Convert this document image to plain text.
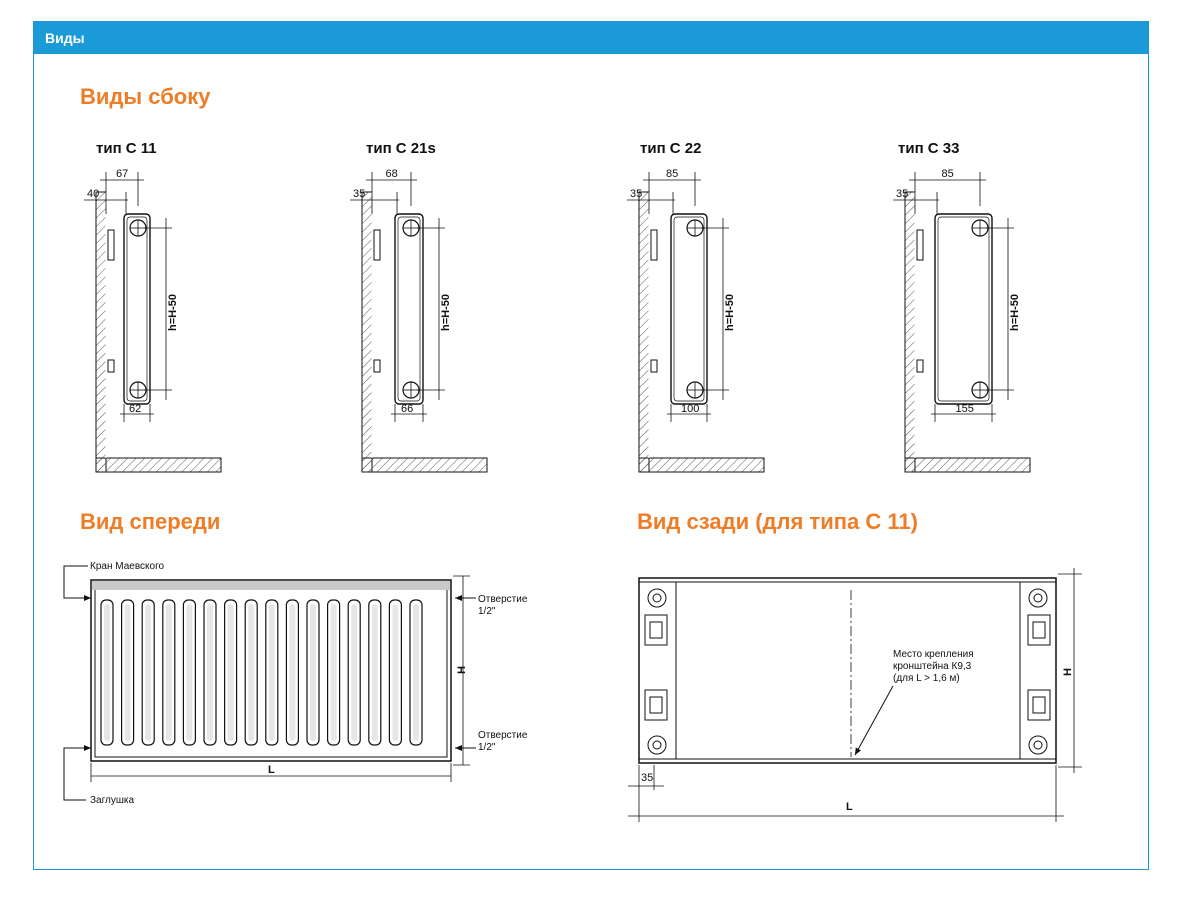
Виды
Виды сбоку
Вид спереди	Вид сзади (для типа С 11)
тип С 11	тип С 21s	тип С 22	тип С 33
67
40
h=H-50
62
68
35
h=H-50
66
85
35
h=H-50
100
85
35
h=H-50
155
Кран Маевского
Заглушка
Отверстие
1/2"
Отверстие
1/2"
H
L
Место крепления
кронштейна К9,3
(для L > 1,6 м)
H
35
L
